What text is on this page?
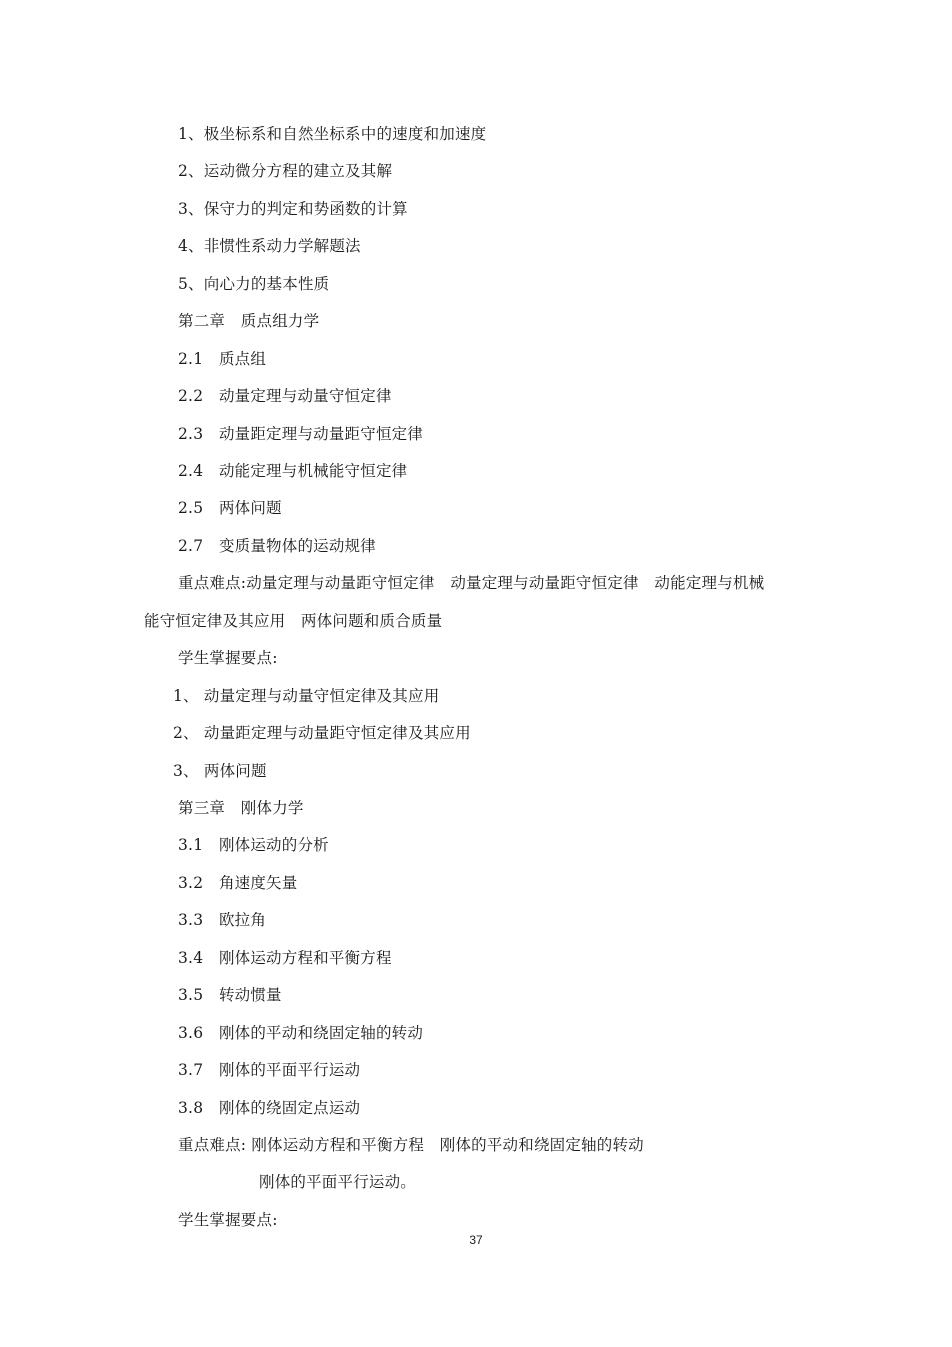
1、极坐标系和自然坐标系中的速度和加速度
2、运动微分方程的建立及其解
3、保守力的判定和势函数的计算
4、非惯性系动力学解题法
5、向心力的基本性质
第二章　质点组力学
2.1　质点组
2.2　动量定理与动量守恒定律
2.3　动量距定理与动量距守恒定律
2.4　动能定理与机械能守恒定律
2.5　两体问题
2.7　变质量物体的运动规律
重点难点:动量定理与动量距守恒定律　动量定理与动量距守恒定律　动能定理与机械
能守恒定律及其应用　两体问题和质合质量
学生掌握要点:
1、 动量定理与动量守恒定律及其应用
2、 动量距定理与动量距守恒定律及其应用
3、 两体问题
第三章　刚体力学
3.1　刚体运动的分析
3.2　角速度矢量
3.3　欧拉角
3.4　刚体运动方程和平衡方程
3.5　转动惯量
3.6　刚体的平动和绕固定轴的转动
3.7　刚体的平面平行运动
3.8　刚体的绕固定点运动
重点难点: 刚体运动方程和平衡方程　刚体的平动和绕固定轴的转动
刚体的平面平行运动。
学生掌握要点:
37
